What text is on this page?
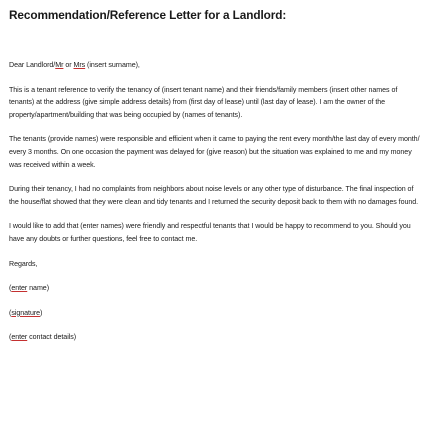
Recommendation/Reference Letter for a Landlord:
Dear Landlord/Mr or Mrs (insert surname),

This is a tenant reference to verify the tenancy of (insert tenant name) and their friends/family members (insert other names of tenants) at the address (give simple address details) from (first day of lease) until (last day of lease). I am the owner of the property/apartment/building that was being occupied by (names of tenants).

The tenants (provide names) were responsible and efficient when it came to paying the rent every month/the last day of every month/ every 3 months. On one occasion the payment was delayed for (give reason) but the situation was explained to me and my money was received within a week.

During their tenancy, I had no complaints from neighbors about noise levels or any other type of disturbance. The final inspection of the house/flat showed that they were clean and tidy tenants and I returned the security deposit back to them with no damages found.

I would like to add that (enter names) were friendly and respectful tenants that I would be happy to recommend to you. Should you have any doubts or further questions, feel free to contact me.

Regards,
(enter name)
(signature)
(enter contact details)
